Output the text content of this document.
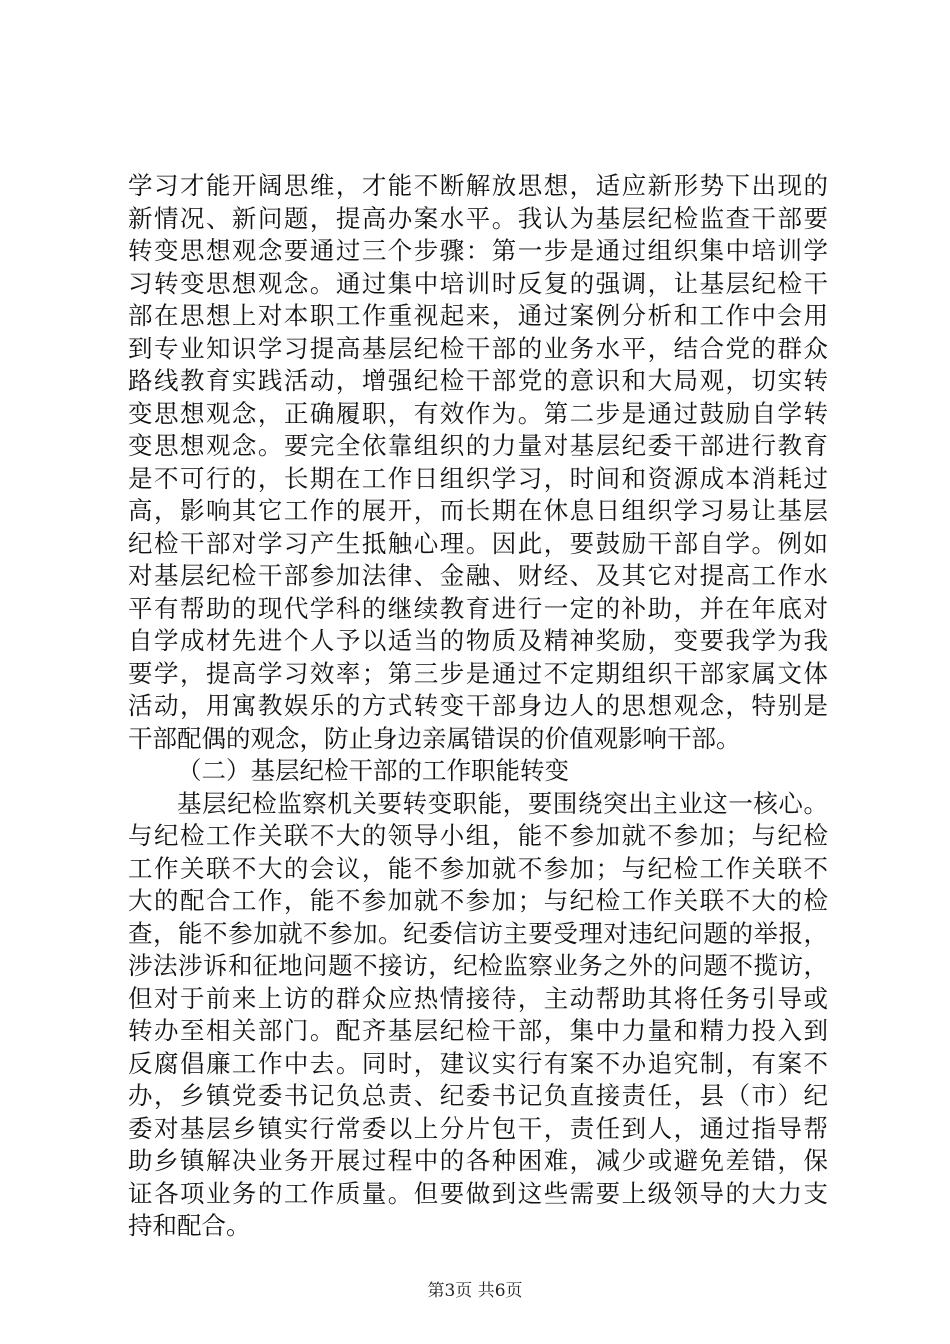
学习才能开阔思维，才能不断解放思想，适应新形势下出现的
新情况、新问题，提高办案水平。我认为基层纪检监查干部要
转变思想观念要通过三个步骤：第一步是通过组织集中培训学
习转变思想观念。通过集中培训时反复的强调，让基层纪检干
部在思想上对本职工作重视起来，通过案例分析和工作中会用
到专业知识学习提高基层纪检干部的业务水平，结合党的群众
路线教育实践活动，增强纪检干部党的意识和大局观，切实转
变思想观念，正确履职，有效作为。第二步是通过鼓励自学转
变思想观念。要完全依靠组织的力量对基层纪委干部进行教育
是不可行的，长期在工作日组织学习，时间和资源成本消耗过
高，影响其它工作的展开，而长期在休息日组织学习易让基层
纪检干部对学习产生抵触心理。因此，要鼓励干部自学。例如
对基层纪检干部参加法律、金融、财经、及其它对提高工作水
平有帮助的现代学科的继续教育进行一定的补助，并在年底对
自学成材先进个人予以适当的物质及精神奖励，变要我学为我
要学，提高学习效率；第三步是通过不定期组织干部家属文体
活动，用寓教娱乐的方式转变干部身边人的思想观念，特别是
干部配偶的观念，防止身边亲属错误的价值观影响干部。
（二）基层纪检干部的工作职能转变
基层纪检监察机关要转变职能，要围绕突出主业这一核心。
与纪检工作关联不大的领导小组，能不参加就不参加；与纪检
工作关联不大的会议，能不参加就不参加；与纪检工作关联不
大的配合工作，能不参加就不参加；与纪检工作关联不大的检
查，能不参加就不参加。纪委信访主要受理对违纪问题的举报，
涉法涉诉和征地问题不接访，纪检监察业务之外的问题不揽访，
但对于前来上访的群众应热情接待，主动帮助其将任务引导或
转办至相关部门。配齐基层纪检干部，集中力量和精力投入到
反腐倡廉工作中去。同时，建议实行有案不办追究制，有案不
办，乡镇党委书记负总责、纪委书记负直接责任，县（市）纪
委对基层乡镇实行常委以上分片包干，责任到人，通过指导帮
助乡镇解决业务开展过程中的各种困难，减少或避免差错，保
证各项业务的工作质量。但要做到这些需要上级领导的大力支
持和配合。
第3页 共6页
